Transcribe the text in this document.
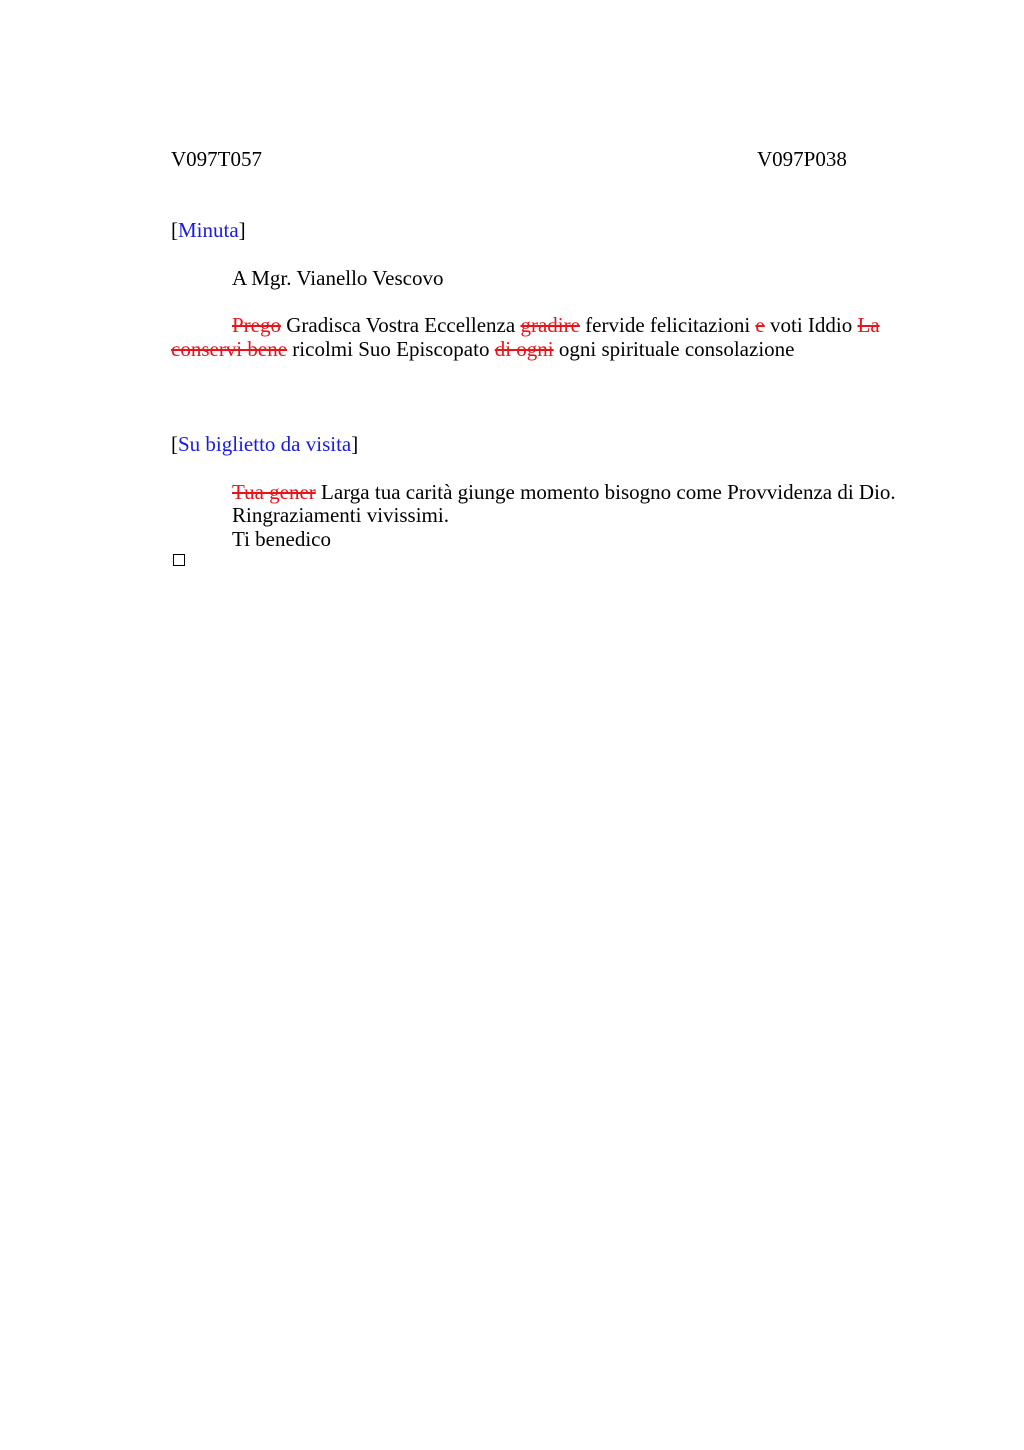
V097T057	V097P038
[Minuta]
A Mgr. Vianello Vescovo
Prego Gradisca Vostra Eccellenza gradire fervide felicitazioni e voti Iddio La
conservi bene ricolmi Suo Episcopato di ogni ogni spirituale consolazione
[Su biglietto da visita]
Tua gener Larga tua carità giunge momento bisogno come Provvidenza di Dio.
Ringraziamenti vivissimi.
Ti benedico
